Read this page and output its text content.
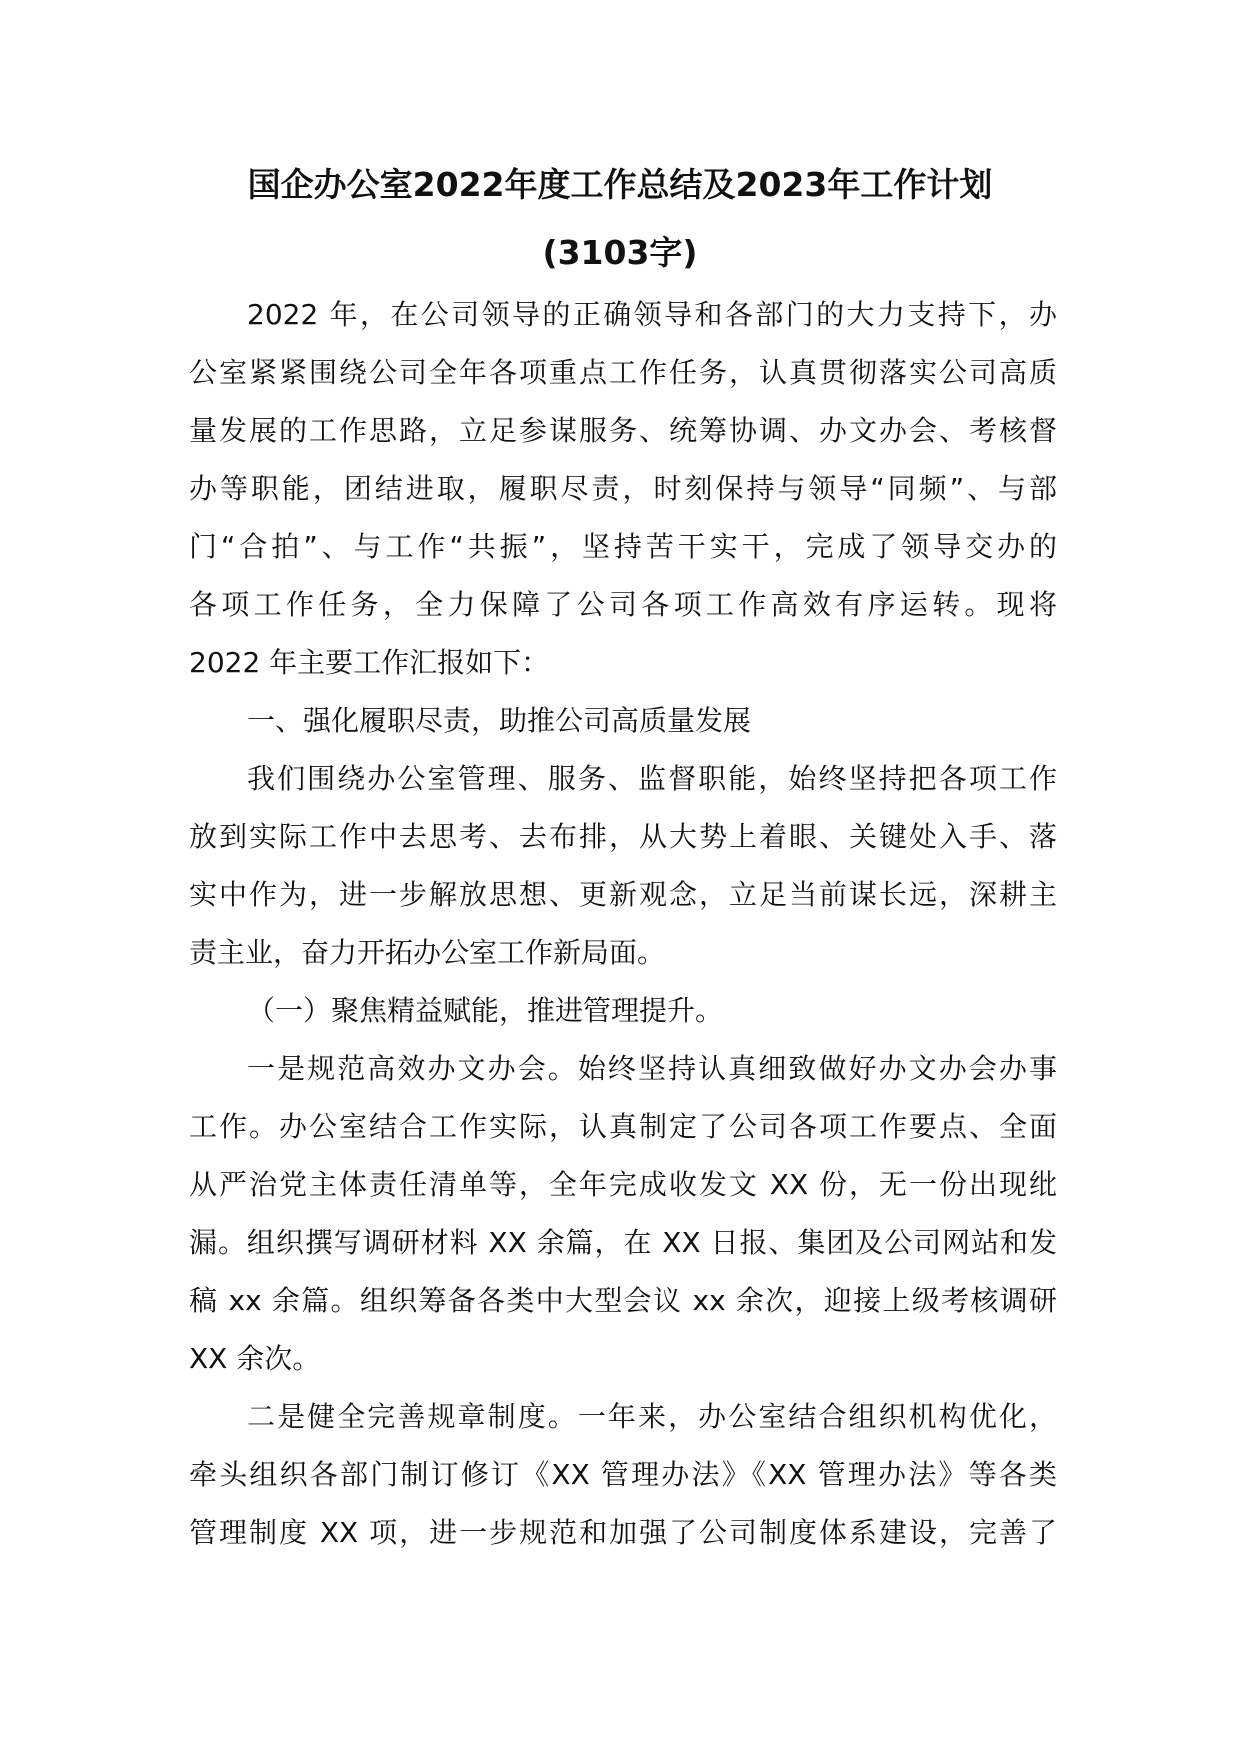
国企办公室2022年度工作总结及2023年工作计划
(3103字)
2022 年，在公司领导的正确领导和各部门的大力支持下，办
公室紧紧围绕公司全年各项重点工作任务，认真贯彻落实公司高质
量发展的工作思路，立足参谋服务、统筹协调、办文办会、考核督
办等职能，团结进取，履职尽责，时刻保持与领导“同频”、与部
门“合拍”、与工作“共振”，坚持苦干实干，完成了领导交办的
各项工作任务，全力保障了公司各项工作高效有序运转。现将
2022 年主要工作汇报如下：
一、强化履职尽责，助推公司高质量发展
我们围绕办公室管理、服务、监督职能，始终坚持把各项工作
放到实际工作中去思考、去布排，从大势上着眼、关键处入手、落
实中作为，进一步解放思想、更新观念，立足当前谋长远，深耕主
责主业，奋力开拓办公室工作新局面。
（一）聚焦精益赋能，推进管理提升。
一是规范高效办文办会。始终坚持认真细致做好办文办会办事
工作。办公室结合工作实际，认真制定了公司各项工作要点、全面
从严治党主体责任清单等，全年完成收发文 XX 份，无一份出现纰
漏。组织撰写调研材料 XX 余篇，在 XX 日报、集团及公司网站和发
稿 xx 余篇。组织筹备各类中大型会议 xx 余次，迎接上级考核调研
XX 余次。
二是健全完善规章制度。一年来，办公室结合组织机构优化，
牵头组织各部门制订修订《XX 管理办法》《XX 管理办法》等各类
管理制度 XX 项，进一步规范和加强了公司制度体系建设，完善了
